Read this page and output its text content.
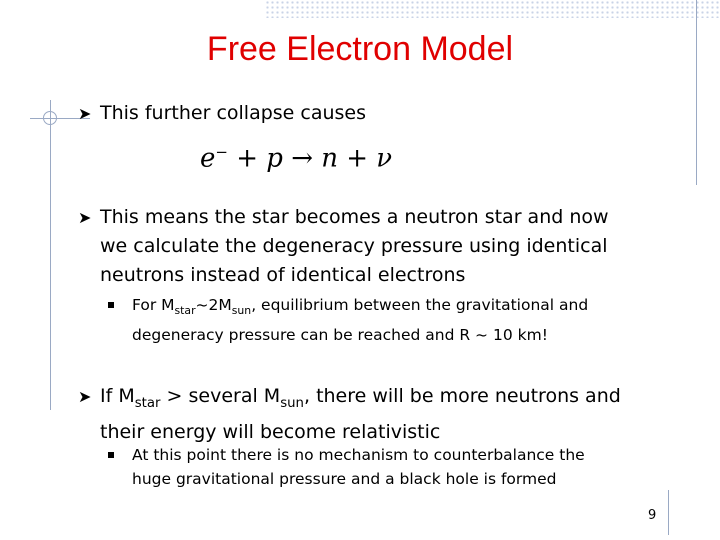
Free Electron Model
➤ This further collapse causes
e− + p → n + ν
➤ This means the star becomes a neutron star and now
we calculate the degeneracy pressure using identical
neutrons instead of identical electrons
For $M_{star}\sim 2M_{sun}$, equilibrium between the gravitational and
degeneracy pressure can be reached and R ~ 10 km!
➤ If $M_{star}$ > several $M_{sun}$, there will be more neutrons and
their energy will become relativistic
At this point there is no mechanism to counterbalance the
huge gravitational pressure and a black hole is formed
9
